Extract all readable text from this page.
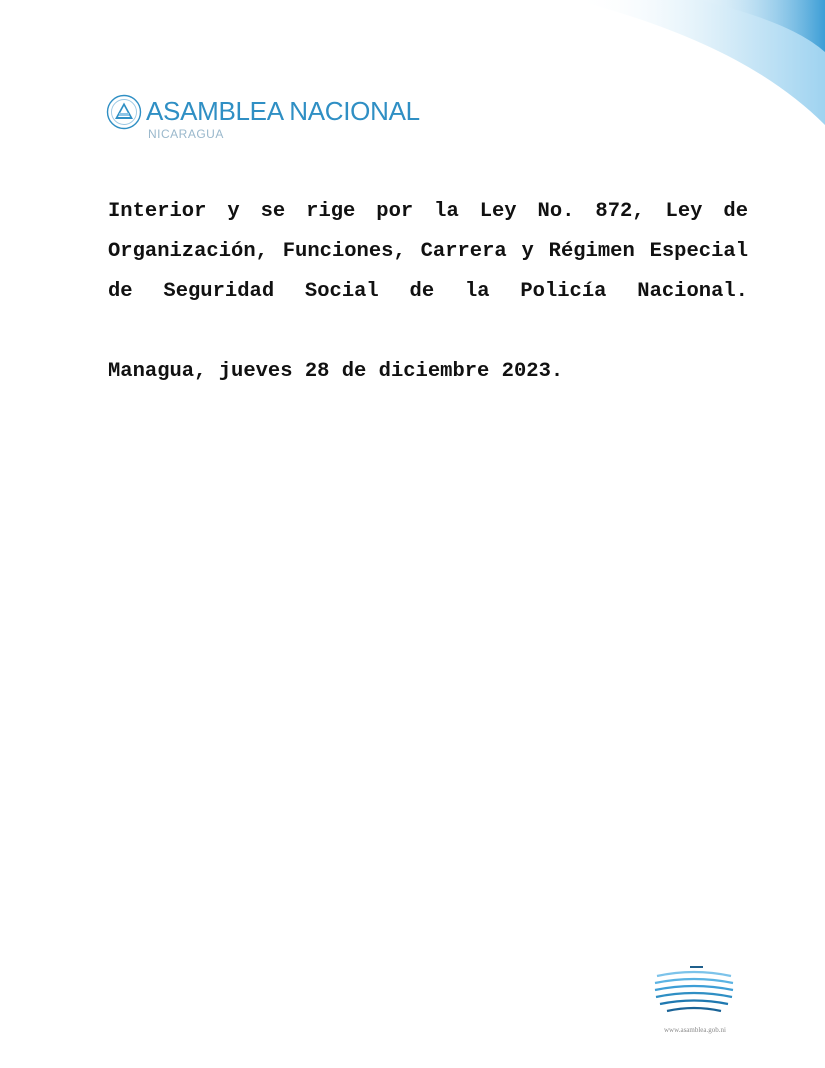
ASAMBLEA NACIONAL
NICARAGUA

Interior y se rige por la Ley No. 872, Ley de
Organización, Funciones, Carrera y Régimen Especial
de Seguridad Social de la Policía Nacional.

Managua, jueves 28 de diciembre 2023.

www.asamblea.gob.ni
